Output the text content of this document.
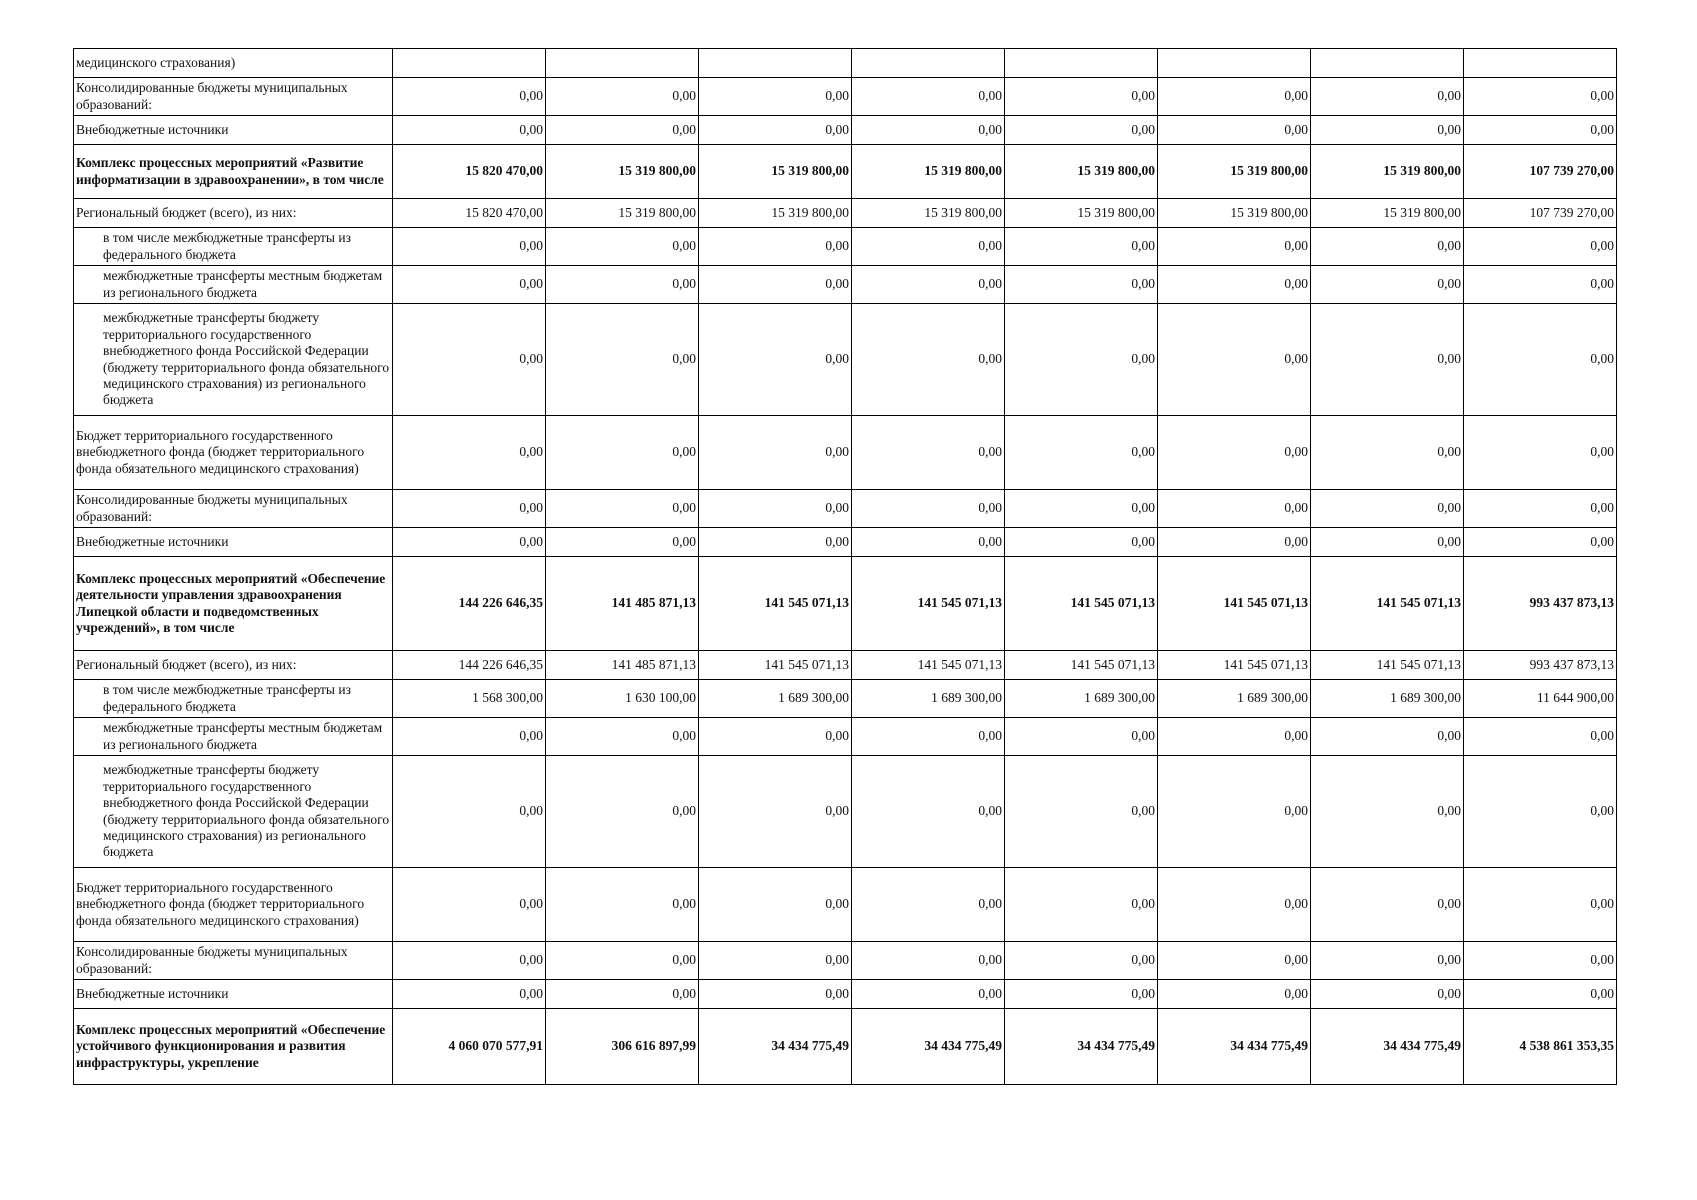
медицинского страхования)								
Консолидированные бюджеты муниципальных образований:	0,00	0,00	0,00	0,00	0,00	0,00	0,00	0,00
Внебюджетные источники	0,00	0,00	0,00	0,00	0,00	0,00	0,00	0,00
Комплекс процессных мероприятий «Развитие информатизации в здравоохранении», в том числе	15 820 470,00	15 319 800,00	15 319 800,00	15 319 800,00	15 319 800,00	15 319 800,00	15 319 800,00	107 739 270,00
Региональный бюджет (всего), из них:	15 820 470,00	15 319 800,00	15 319 800,00	15 319 800,00	15 319 800,00	15 319 800,00	15 319 800,00	107 739 270,00
в том числе межбюджетные трансферты из федерального бюджета	0,00	0,00	0,00	0,00	0,00	0,00	0,00	0,00
межбюджетные трансферты местным бюджетам из регионального бюджета	0,00	0,00	0,00	0,00	0,00	0,00	0,00	0,00
межбюджетные трансферты бюджету территориального государственного внебюджетного фонда Российской Федерации (бюджету территориального фонда обязательного медицинского страхования) из регионального бюджета	0,00	0,00	0,00	0,00	0,00	0,00	0,00	0,00
Бюджет территориального государственного внебюджетного фонда (бюджет территориального фонда обязательного медицинского страхования)	0,00	0,00	0,00	0,00	0,00	0,00	0,00	0,00
Консолидированные бюджеты муниципальных образований:	0,00	0,00	0,00	0,00	0,00	0,00	0,00	0,00
Внебюджетные источники	0,00	0,00	0,00	0,00	0,00	0,00	0,00	0,00
Комплекс процессных мероприятий «Обеспечение деятельности управления здравоохранения Липецкой области и подведомственных учреждений», в том числе	144 226 646,35	141 485 871,13	141 545 071,13	141 545 071,13	141 545 071,13	141 545 071,13	141 545 071,13	993 437 873,13
Региональный бюджет (всего), из них:	144 226 646,35	141 485 871,13	141 545 071,13	141 545 071,13	141 545 071,13	141 545 071,13	141 545 071,13	993 437 873,13
в том числе межбюджетные трансферты из федерального бюджета	1 568 300,00	1 630 100,00	1 689 300,00	1 689 300,00	1 689 300,00	1 689 300,00	1 689 300,00	11 644 900,00
межбюджетные трансферты местным бюджетам из регионального бюджета	0,00	0,00	0,00	0,00	0,00	0,00	0,00	0,00
межбюджетные трансферты бюджету территориального государственного внебюджетного фонда Российской Федерации (бюджету территориального фонда обязательного медицинского страхования) из регионального бюджета	0,00	0,00	0,00	0,00	0,00	0,00	0,00	0,00
Бюджет территориального государственного внебюджетного фонда (бюджет территориального фонда обязательного медицинского страхования)	0,00	0,00	0,00	0,00	0,00	0,00	0,00	0,00
Консолидированные бюджеты муниципальных образований:	0,00	0,00	0,00	0,00	0,00	0,00	0,00	0,00
Внебюджетные источники	0,00	0,00	0,00	0,00	0,00	0,00	0,00	0,00
Комплекс процессных мероприятий «Обеспечение устойчивого функционирования и развития инфраструктуры, укрепление	4 060 070 577,91	306 616 897,99	34 434 775,49	34 434 775,49	34 434 775,49	34 434 775,49	34 434 775,49	4 538 861 353,35
